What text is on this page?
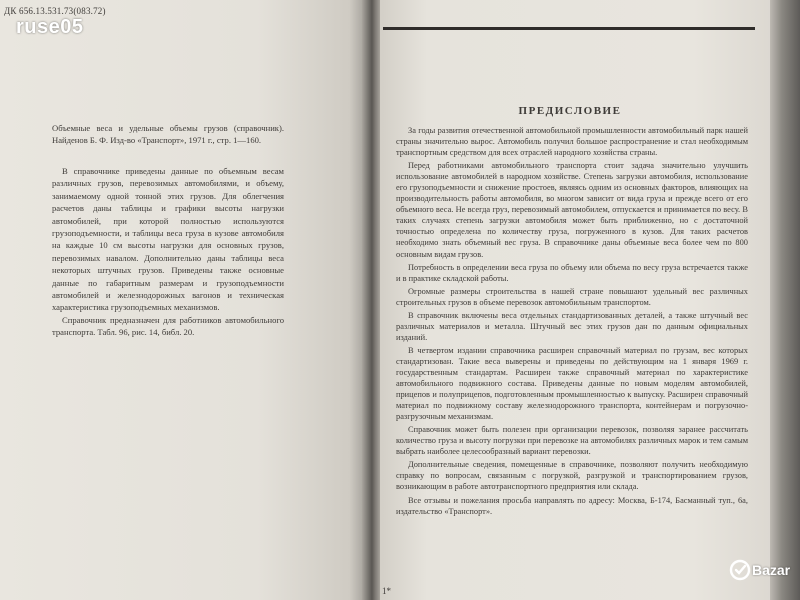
ДК 656.13.531.73(083.72)
Объемные веса и удельные объемы грузов (справочник). Найденов Б. Ф. Изд-во «Транспорт», 1971 г., стр. 1—160.

В справочнике приведены данные по объемным весам различных грузов, перевозимых автомобилями, и объему, занимаемому одной тонной этих грузов. Для облегчения расчетов даны таблицы и графики высоты нагрузки автомобилей, при которой полностью используются грузоподъемности, и таблицы веса груза в кузове автомобиля на каждые 10 см высоты нагрузки для основных грузов, перевозимых навалом. Дополнительно даны таблицы веса некоторых штучных грузов. Приведены также основные данные по габаритным размерам и грузоподъемности автомобилей и железнодорожных вагонов и техническая характеристика грузоподъемных механизмов.

Справочник предназначен для работников автомобильного транспорта. Табл. 96, рис. 14, библ. 20.

ПРЕДИСЛОВИЕ

За годы развития отечественной автомобильной промышленности автомобильный парк нашей страны значительно вырос. Автомобиль получил большое распространение и стал необходимым транспортным средством для всех отраслей народного хозяйства страны.

Перед работниками автомобильного транспорта стоит задача значительно улучшить использование автомобилей в народном хозяйстве. Степень загрузки автомобиля, использование его грузоподъемности и снижение простоев, являясь одним из основных факторов, влияющих на производительность работы автомобиля, во многом зависит от вида груза и прежде всего от его объемного веса. Не всегда груз, перевозимый автомобилем, отпускается и принимается по весу. В таких случаях степень загрузки автомобиля может быть приближенно, но с достаточной точностью определена по количеству груза, погруженного в кузов. Для таких расчетов необходимо знать объемный вес груза. В справочнике даны объемные веса более чем по 800 основным видам грузов.

Потребность в определении веса груза по объему или объема по весу груза встречается также и в практике складской работы.

Огромные размеры строительства в нашей стране повышают удельный вес различных строительных грузов в объеме перевозок автомобильным транспортом.

В справочник включены веса отдельных стандартизованных деталей, а также штучный вес различных материалов и металла. Штучный вес этих грузов дан по данным официальных изданий.

В четвертом издании справочника расширен справочный материал по грузам, вес которых стандартизован. Такие веса выверены и приведены по действующим на 1 января 1969 г. государственным стандартам. Расширен также справочный материал по характеристике автомобильного подвижного состава. Приведены данные по новым моделям автомобилей, прицепов и полуприцепов, подготовленным промышленностью к выпуску. Расширен справочный материал по подвижному составу железнодорожного транспорта, контейнерам и погрузочно-разгрузочным механизмам.

Справочник может быть полезен при организации перевозок, позволяя заранее рассчитать количество груза и высоту погрузки при перевозке на автомобилях различных марок и тем самым выбрать наиболее целесообразный вариант перевозки.

Дополнительные сведения, помещенные в справочнике, позволяют получить необходимую справку по вопросам, связанным с погрузкой, разгрузкой и транспортированием грузов, возникающим в работе автотранспортного предприятия или склада.

Все отзывы и пожелания просьба направлять по адресу: Москва, Б-174, Басманный туп., 6а, издательство «Транспорт».

1*
ruse05
Bazar
